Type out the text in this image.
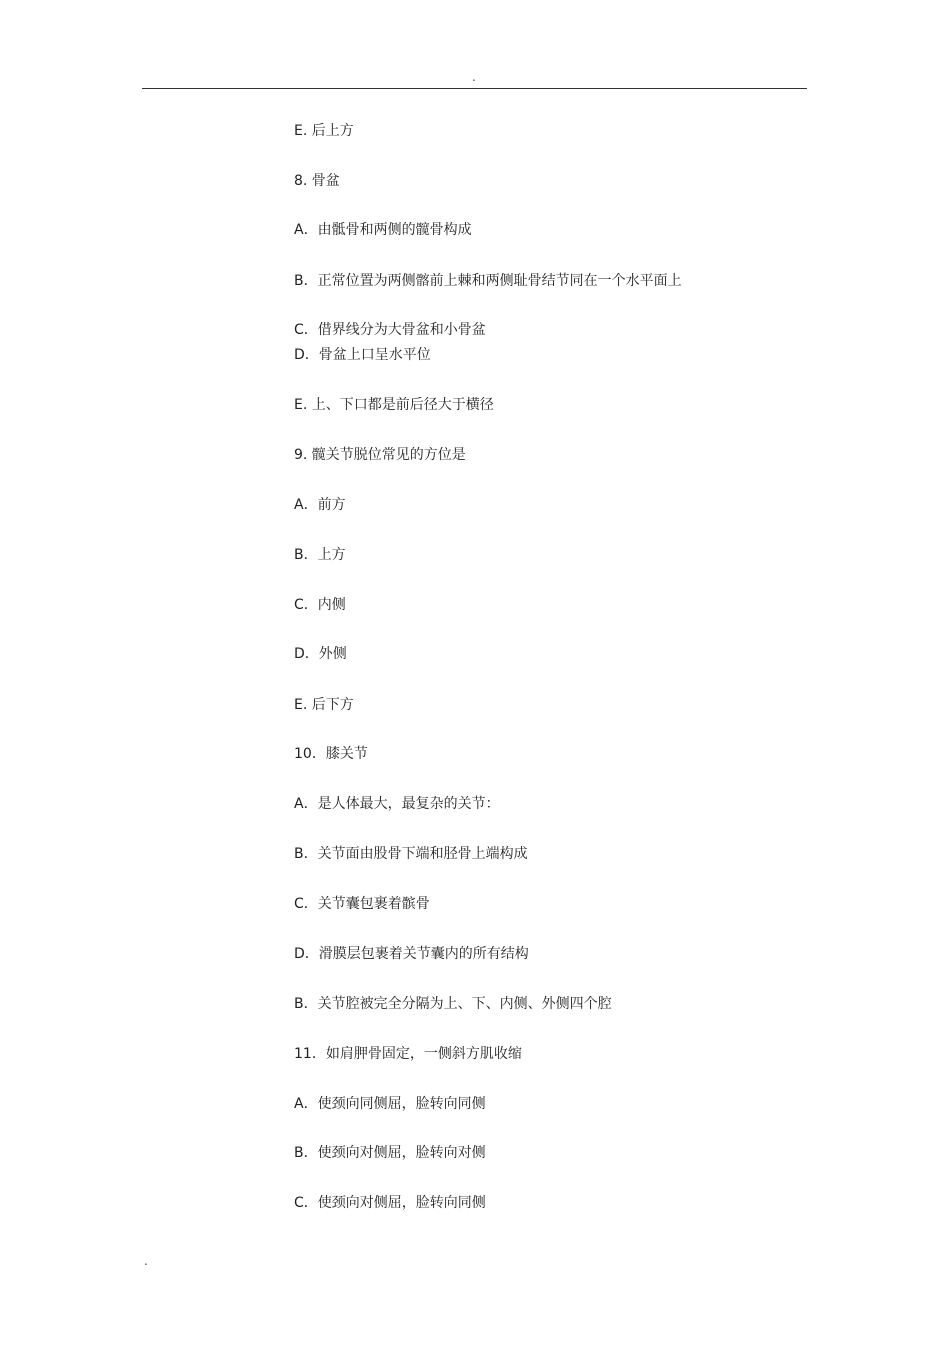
.
E. 后上方
8. 骨盆
A．由骶骨和两侧的髋骨构成
B．正常位置为两侧髂前上棘和两侧耻骨结节同在一个水平面上
C．借界线分为大骨盆和小骨盆
D．骨盆上口呈水平位
E. 上、下口都是前后径大于横径
9. 髋关节脱位常见的方位是
A．前方
B．上方
C．内侧
D．外侧
E. 后下方
10．膝关节
A．是人体最大，最复杂的关节：
B．关节面由股骨下端和胫骨上端构成
C．关节囊包裹着髌骨
D．滑膜层包裹着关节囊内的所有结构
B．关节腔被完全分隔为上、下、内侧、外侧四个腔
11．如肩胛骨固定，一侧斜方肌收缩
A．使颈向同侧屈，脸转向同侧
B．使颈向对侧屈，脸转向对侧
C．使颈向对侧屈，脸转向同侧
.
